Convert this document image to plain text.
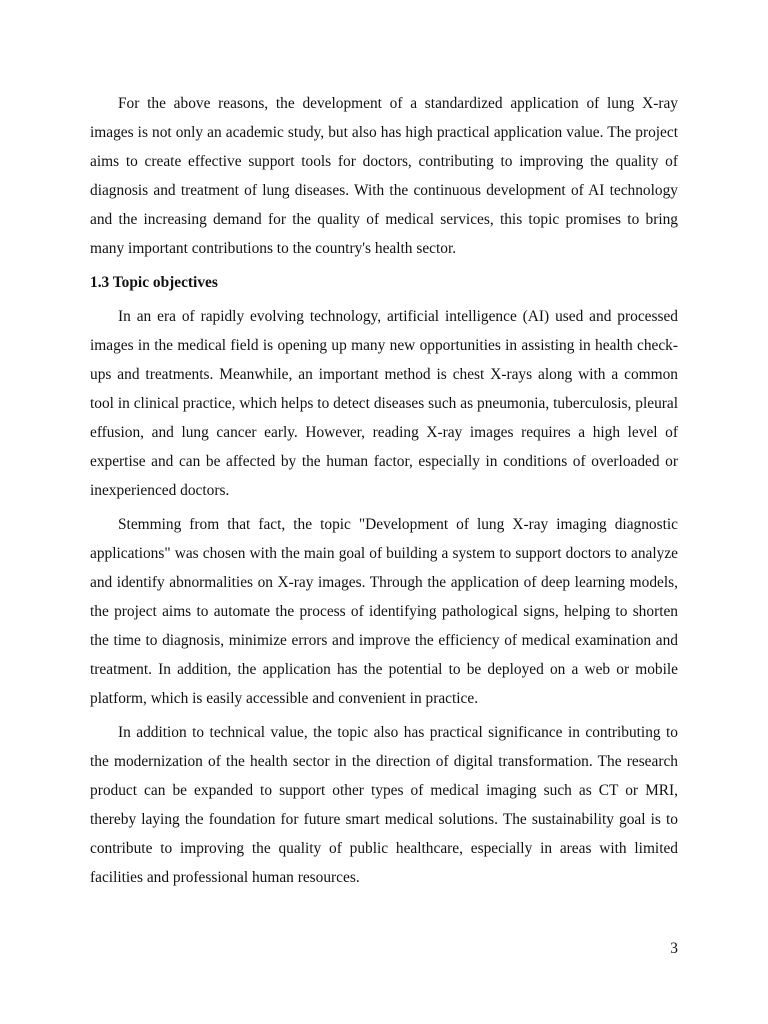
For the above reasons, the development of a standardized application of lung X-ray images is not only an academic study, but also has high practical application value. The project aims to create effective support tools for doctors, contributing to improving the quality of diagnosis and treatment of lung diseases. With the continuous development of AI technology and the increasing demand for the quality of medical services, this topic promises to bring many important contributions to the country's health sector.

1.3 Topic objectives

In an era of rapidly evolving technology, artificial intelligence (AI) used and processed images in the medical field is opening up many new opportunities in assisting in health check-ups and treatments. Meanwhile, an important method is chest X-rays along with a common tool in clinical practice, which helps to detect diseases such as pneumonia, tuberculosis, pleural effusion, and lung cancer early. However, reading X-ray images requires a high level of expertise and can be affected by the human factor, especially in conditions of overloaded or inexperienced doctors.

Stemming from that fact, the topic "Development of lung X-ray imaging diagnostic applications" was chosen with the main goal of building a system to support doctors to analyze and identify abnormalities on X-ray images. Through the application of deep learning models, the project aims to automate the process of identifying pathological signs, helping to shorten the time to diagnosis, minimize errors and improve the efficiency of medical examination and treatment. In addition, the application has the potential to be deployed on a web or mobile platform, which is easily accessible and convenient in practice.

In addition to technical value, the topic also has practical significance in contributing to the modernization of the health sector in the direction of digital transformation. The research product can be expanded to support other types of medical imaging such as CT or MRI, thereby laying the foundation for future smart medical solutions. The sustainability goal is to contribute to improving the quality of public healthcare, especially in areas with limited facilities and professional human resources.

3
